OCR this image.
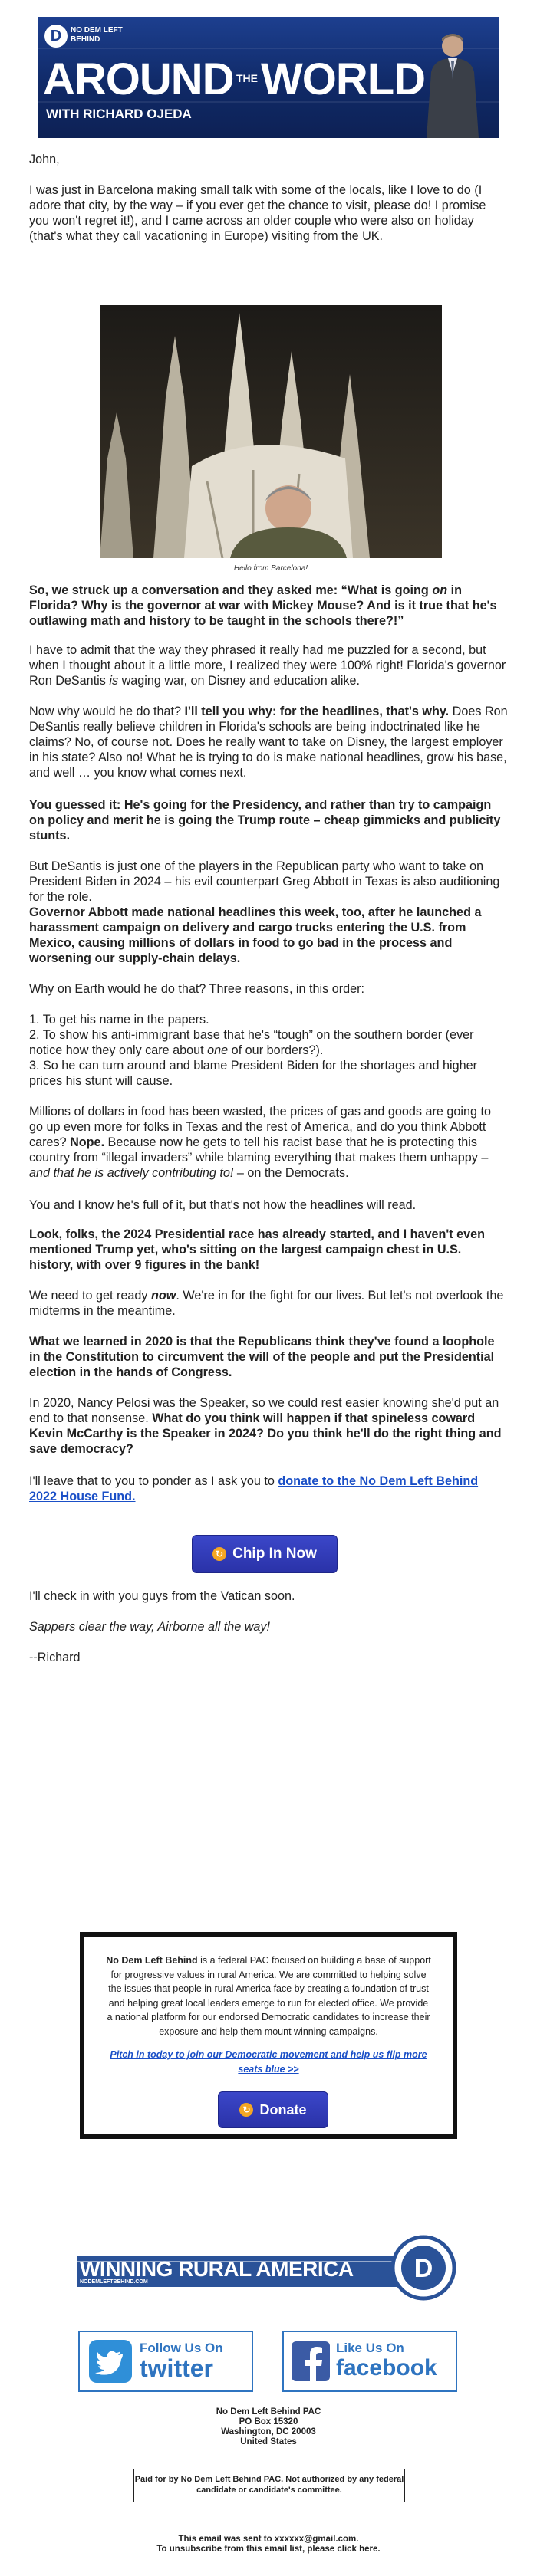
D	NO DEM LEFT BEHIND
AROUND THE WORLD
WITH RICHARD OJEDA

John,

I was just in Barcelona making small talk with some of the locals, like I love to do (I adore that city, by the way – if you ever get the chance to visit, please do! I promise you won't regret it!), and I came across an older couple who were also on holiday (that's what they call vacationing in Europe) visiting from the UK.

Hello from Barcelona!

So, we struck up a conversation and they asked me: “What is going on in Florida? Why is the governor at war with Mickey Mouse? And is it true that he's outlawing math and history to be taught in the schools there?!”

I have to admit that the way they phrased it really had me puzzled for a second, but when I thought about it a little more, I realized they were 100% right! Florida's governor Ron DeSantis is waging war, on Disney and education alike.

Now why would he do that? I'll tell you why: for the headlines, that's why. Does Ron DeSantis really believe children in Florida's schools are being indoctrinated like he claims? No, of course not. Does he really want to take on Disney, the largest employer in his state? Also no! What he is trying to do is make national headlines, grow his base, and well … you know what comes next.

You guessed it: He's going for the Presidency, and rather than try to campaign on policy and merit he is going the Trump route – cheap gimmicks and publicity stunts.

But DeSantis is just one of the players in the Republican party who want to take on President Biden in 2024 – his evil counterpart Greg Abbott in Texas is also auditioning for the role.

Governor Abbott made national headlines this week, too, after he launched a harassment campaign on delivery and cargo trucks entering the U.S. from Mexico, causing millions of dollars in food to go bad in the process and worsening our supply-chain delays.

Why on Earth would he do that? Three reasons, in this order:

1. To get his name in the papers.
2. To show his anti-immigrant base that he's “tough” on the southern border (ever notice how they only care about one of our borders?).
3. So he can turn around and blame President Biden for the shortages and higher prices his stunt will cause.

Millions of dollars in food has been wasted, the prices of gas and goods are going to go up even more for folks in Texas and the rest of America, and do you think Abbott cares? Nope. Because now he gets to tell his racist base that he is protecting this country from “illegal invaders” while blaming everything that makes them unhappy – and that he is actively contributing to! – on the Democrats.

You and I know he's full of it, but that's not how the headlines will read.

Look, folks, the 2024 Presidential race has already started, and I haven't even mentioned Trump yet, who's sitting on the largest campaign chest in U.S. history, with over 9 figures in the bank!

We need to get ready now. We're in for the fight for our lives. But let's not overlook the midterms in the meantime.

What we learned in 2020 is that the Republicans think they've found a loophole in the Constitution to circumvent the will of the people and put the Presidential election in the hands of Congress.

In 2020, Nancy Pelosi was the Speaker, so we could rest easier knowing she'd put an end to that nonsense. What do you think will happen if that spineless coward Kevin McCarthy is the Speaker in 2024? Do you think he'll do the right thing and save democracy?

I'll leave that to you to ponder as I ask you to donate to the No Dem Left Behind 2022 House Fund.

↻ Chip In Now

I'll check in with you guys from the Vatican soon.

Sappers clear the way, Airborne all the way!

--Richard

No Dem Left Behind is a federal PAC focused on building a base of support for progressive values in rural America. We are committed to helping solve the issues that people in rural America face by creating a foundation of trust and helping great local leaders emerge to run for elected office. We provide a national platform for our endorsed Democratic candidates to increase their exposure and help them mount winning campaigns.
Pitch in today to join our Democratic movement and help us flip more seats blue >>
↻ Donate
D
WINNING RURAL AMERICA
NODEMLEFTBEHIND.COM
Follow Us On
twitter
Like Us On
facebook
No Dem Left Behind PAC
PO Box 15320
Washington, DC 20003
United States
Paid for by No Dem Left Behind PAC. Not authorized by any federal candidate or candidate's committee.
This email was sent to xxxxxx@gmail.com.
To unsubscribe from this email list, please click here.
